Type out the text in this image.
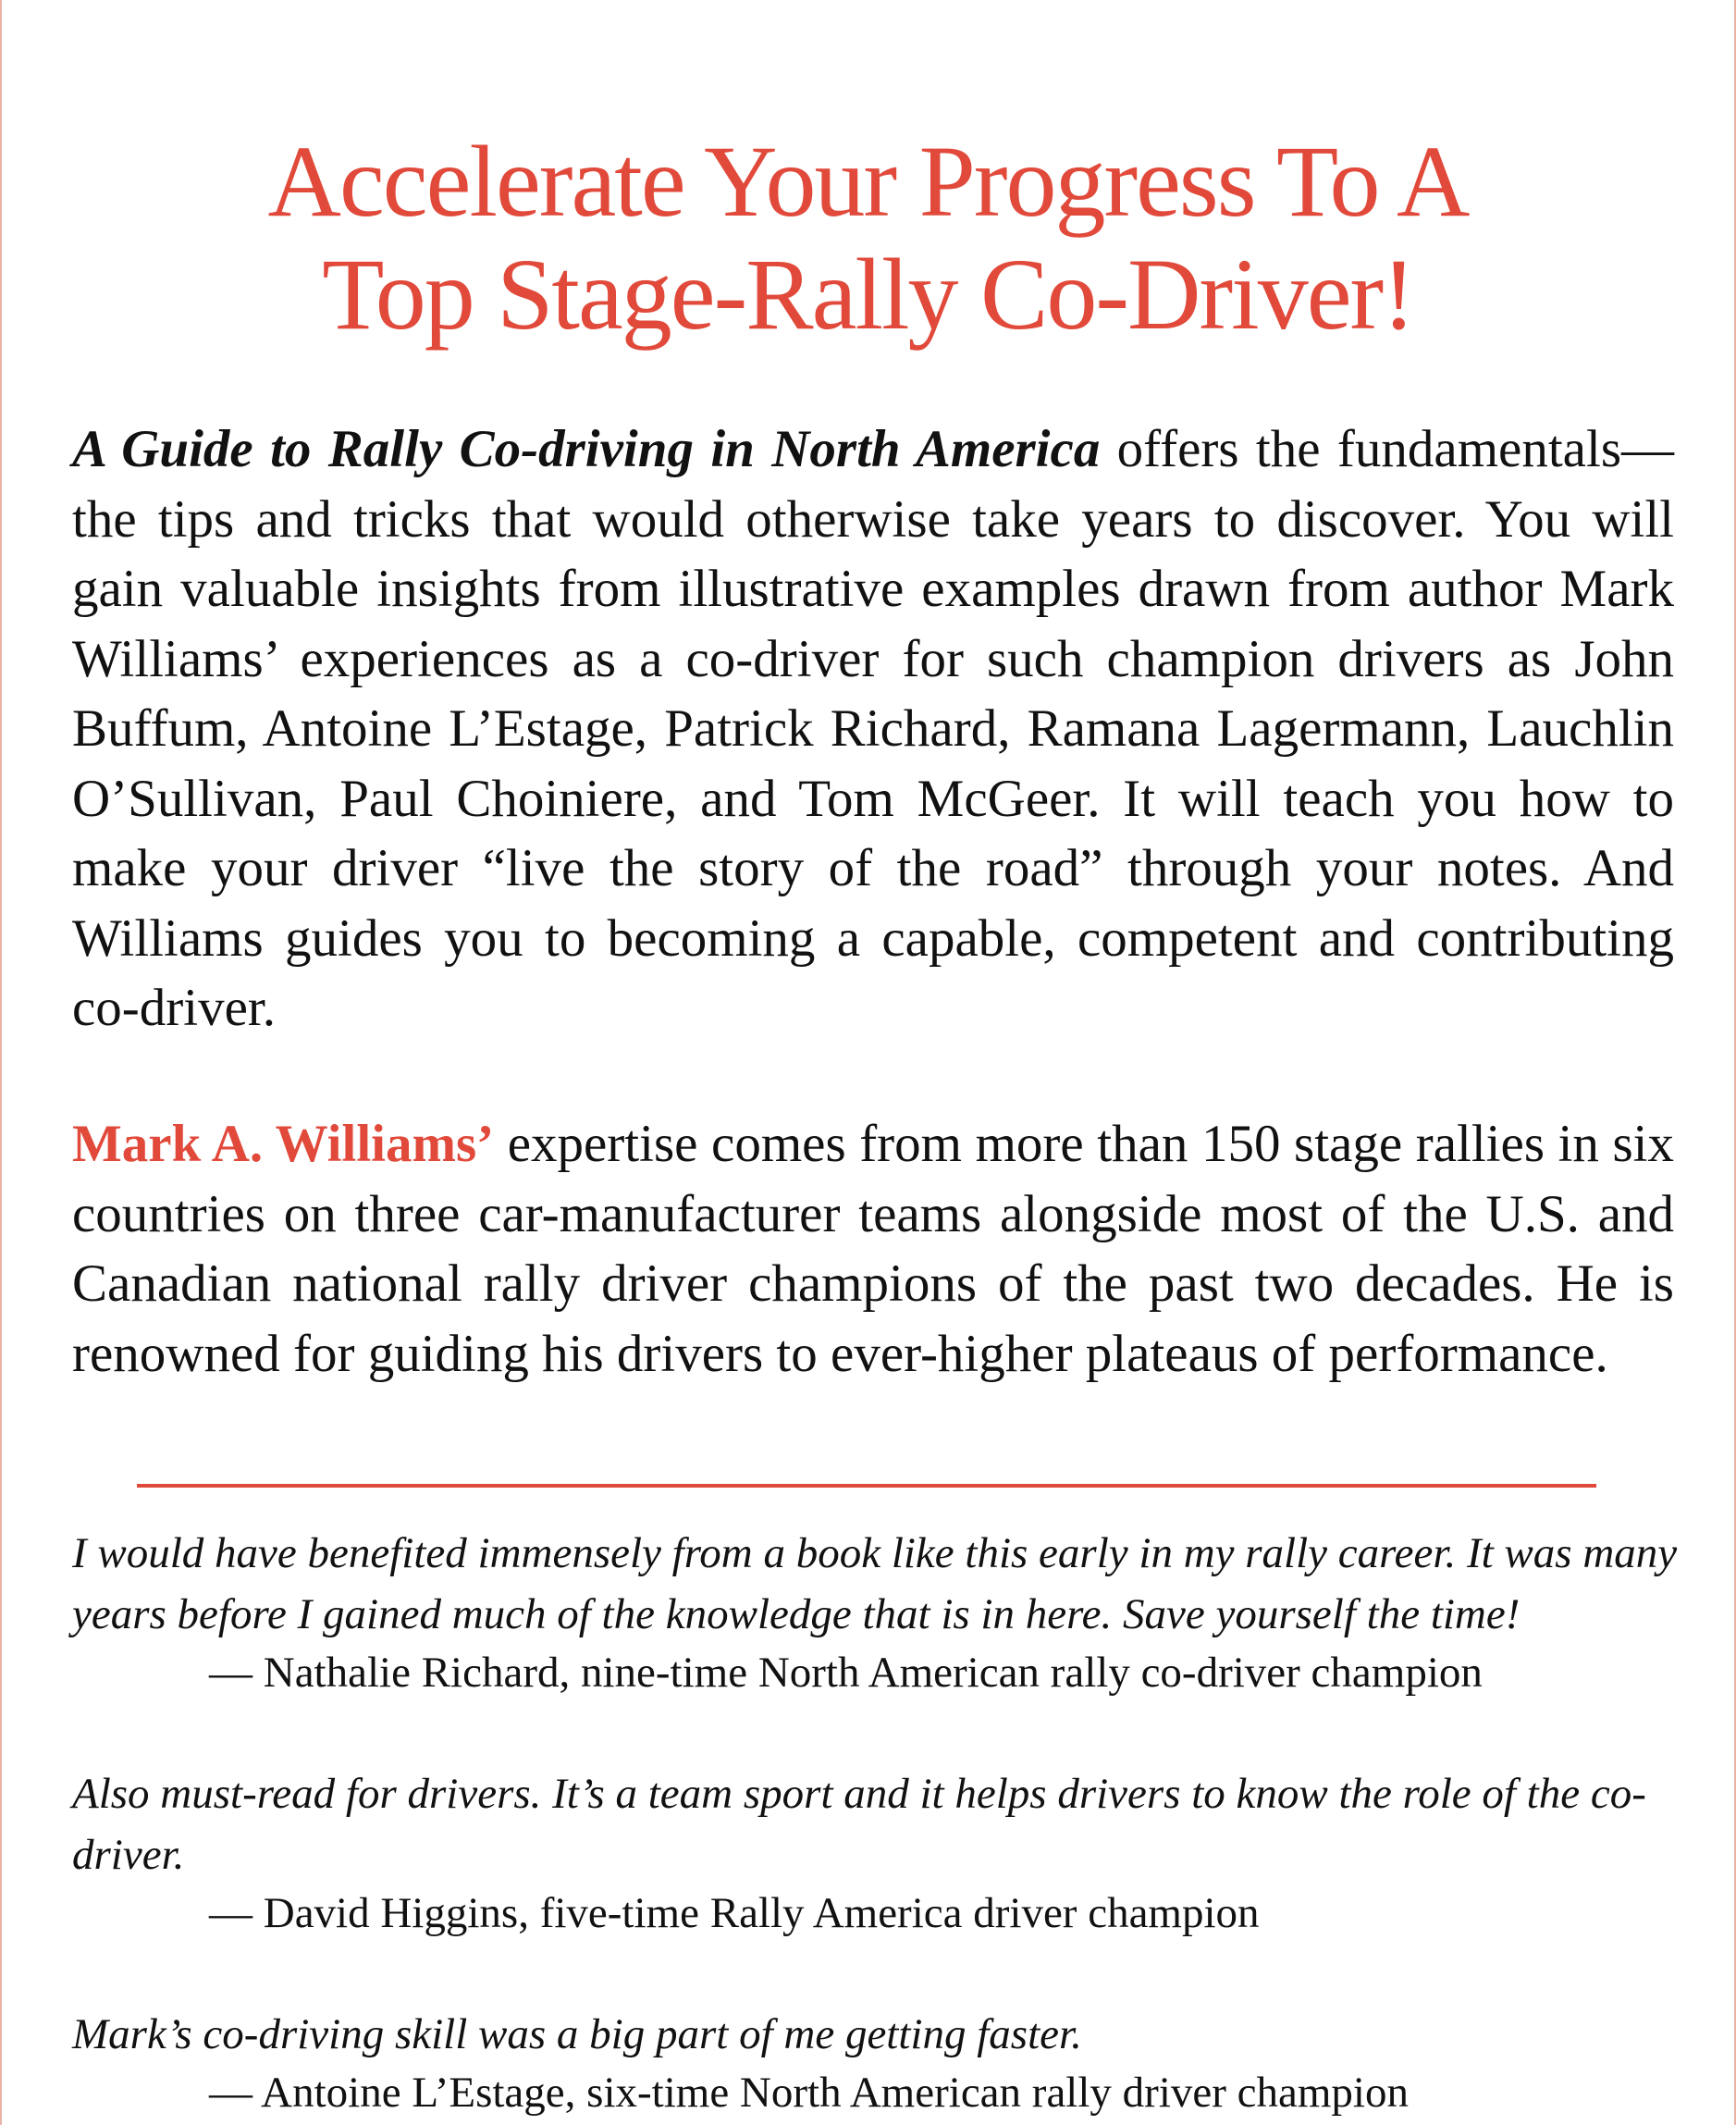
Accelerate Your Progress To A
Top Stage-Rally Co-Driver!

A Guide to Rally Co-driving in North America offers the fundamentals—the tips and tricks that would otherwise take years to discover. You will gain valuable insights from illustrative examples drawn from author Mark Williams’ experiences as a co-driver for such champion drivers as John Buffum, Antoine L’Estage, Patrick Richard, Ramana Lagermann, Lauchlin O’Sullivan, Paul Choiniere, and Tom McGeer. It will teach you how to make your driver “live the story of the road” through your notes. And Williams guides you to becoming a capable, competent and contributing co-driver.

Mark A. Williams’ expertise comes from more than 150 stage rallies in six countries on three car-manufacturer teams alongside most of the U.S. and Canadian national rally driver champions of the past two decades. He is renowned for guiding his drivers to ever-higher plateaus of performance.

I would have benefited immensely from a book like this early in my rally career. It was many years before I gained much of the knowledge that is in here. Save yourself the time!

— Nathalie Richard, nine-time North American rally co-driver champion

Also must-read for drivers. It’s a team sport and it helps drivers to know the role of the co-driver.

— David Higgins, five-time Rally America driver champion

Mark’s co-driving skill was a big part of me getting faster.

— Antoine L’Estage, six-time North American rally driver champion
